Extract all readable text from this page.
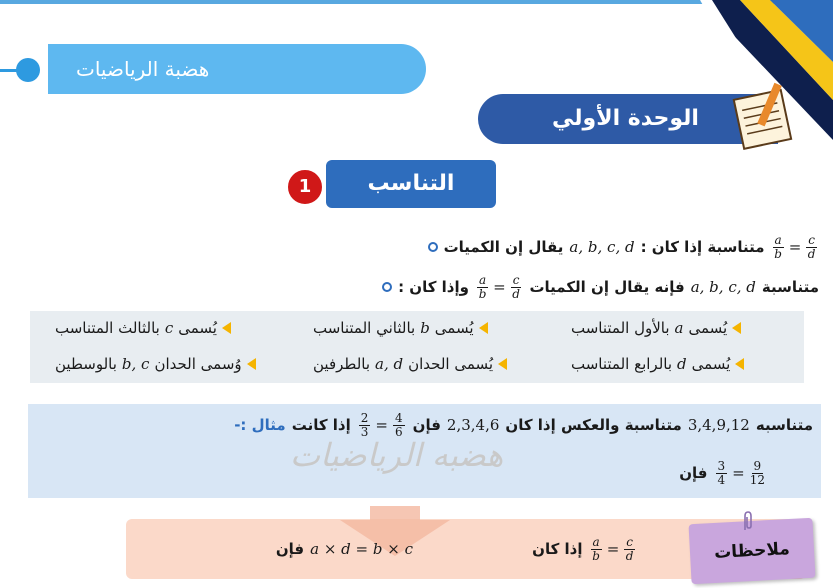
هضبة الرياضيات
الوحدة الأولي
التناسب
1
يقال إن الكميات a, b, c, d متناسبة إذا كان : $\frac{a}{b} = \frac{c}{d}$
وإذا كان : $\frac{a}{b} = \frac{c}{d}$ فإنه يقال إن الكميات a, b, c, d متناسبة
يُسمى
a
بالأول المتناسب
يُسمى
b
بالثاني المتناسب
يُسمى
c
بالثالث المتناسب
يُسمى
d
بالرابع المتناسب
يُسمى الحدان
a, d
بالطرفين
وُسمى الحدان
b, c
بالوسطين
هضبه الرياضيات
مثال :- إذا كانت $\frac{2}{3} = \frac{4}{6}$ فإن 2,3,4,6 متناسبة والعكس إذا كان 3,4,9,12 متناسبه
فإن $\frac{3}{4} = \frac{9}{12}$
ملاحظات
إذا كان $\frac{a}{b} = \frac{c}{d}$
فإن a × d = b × c
